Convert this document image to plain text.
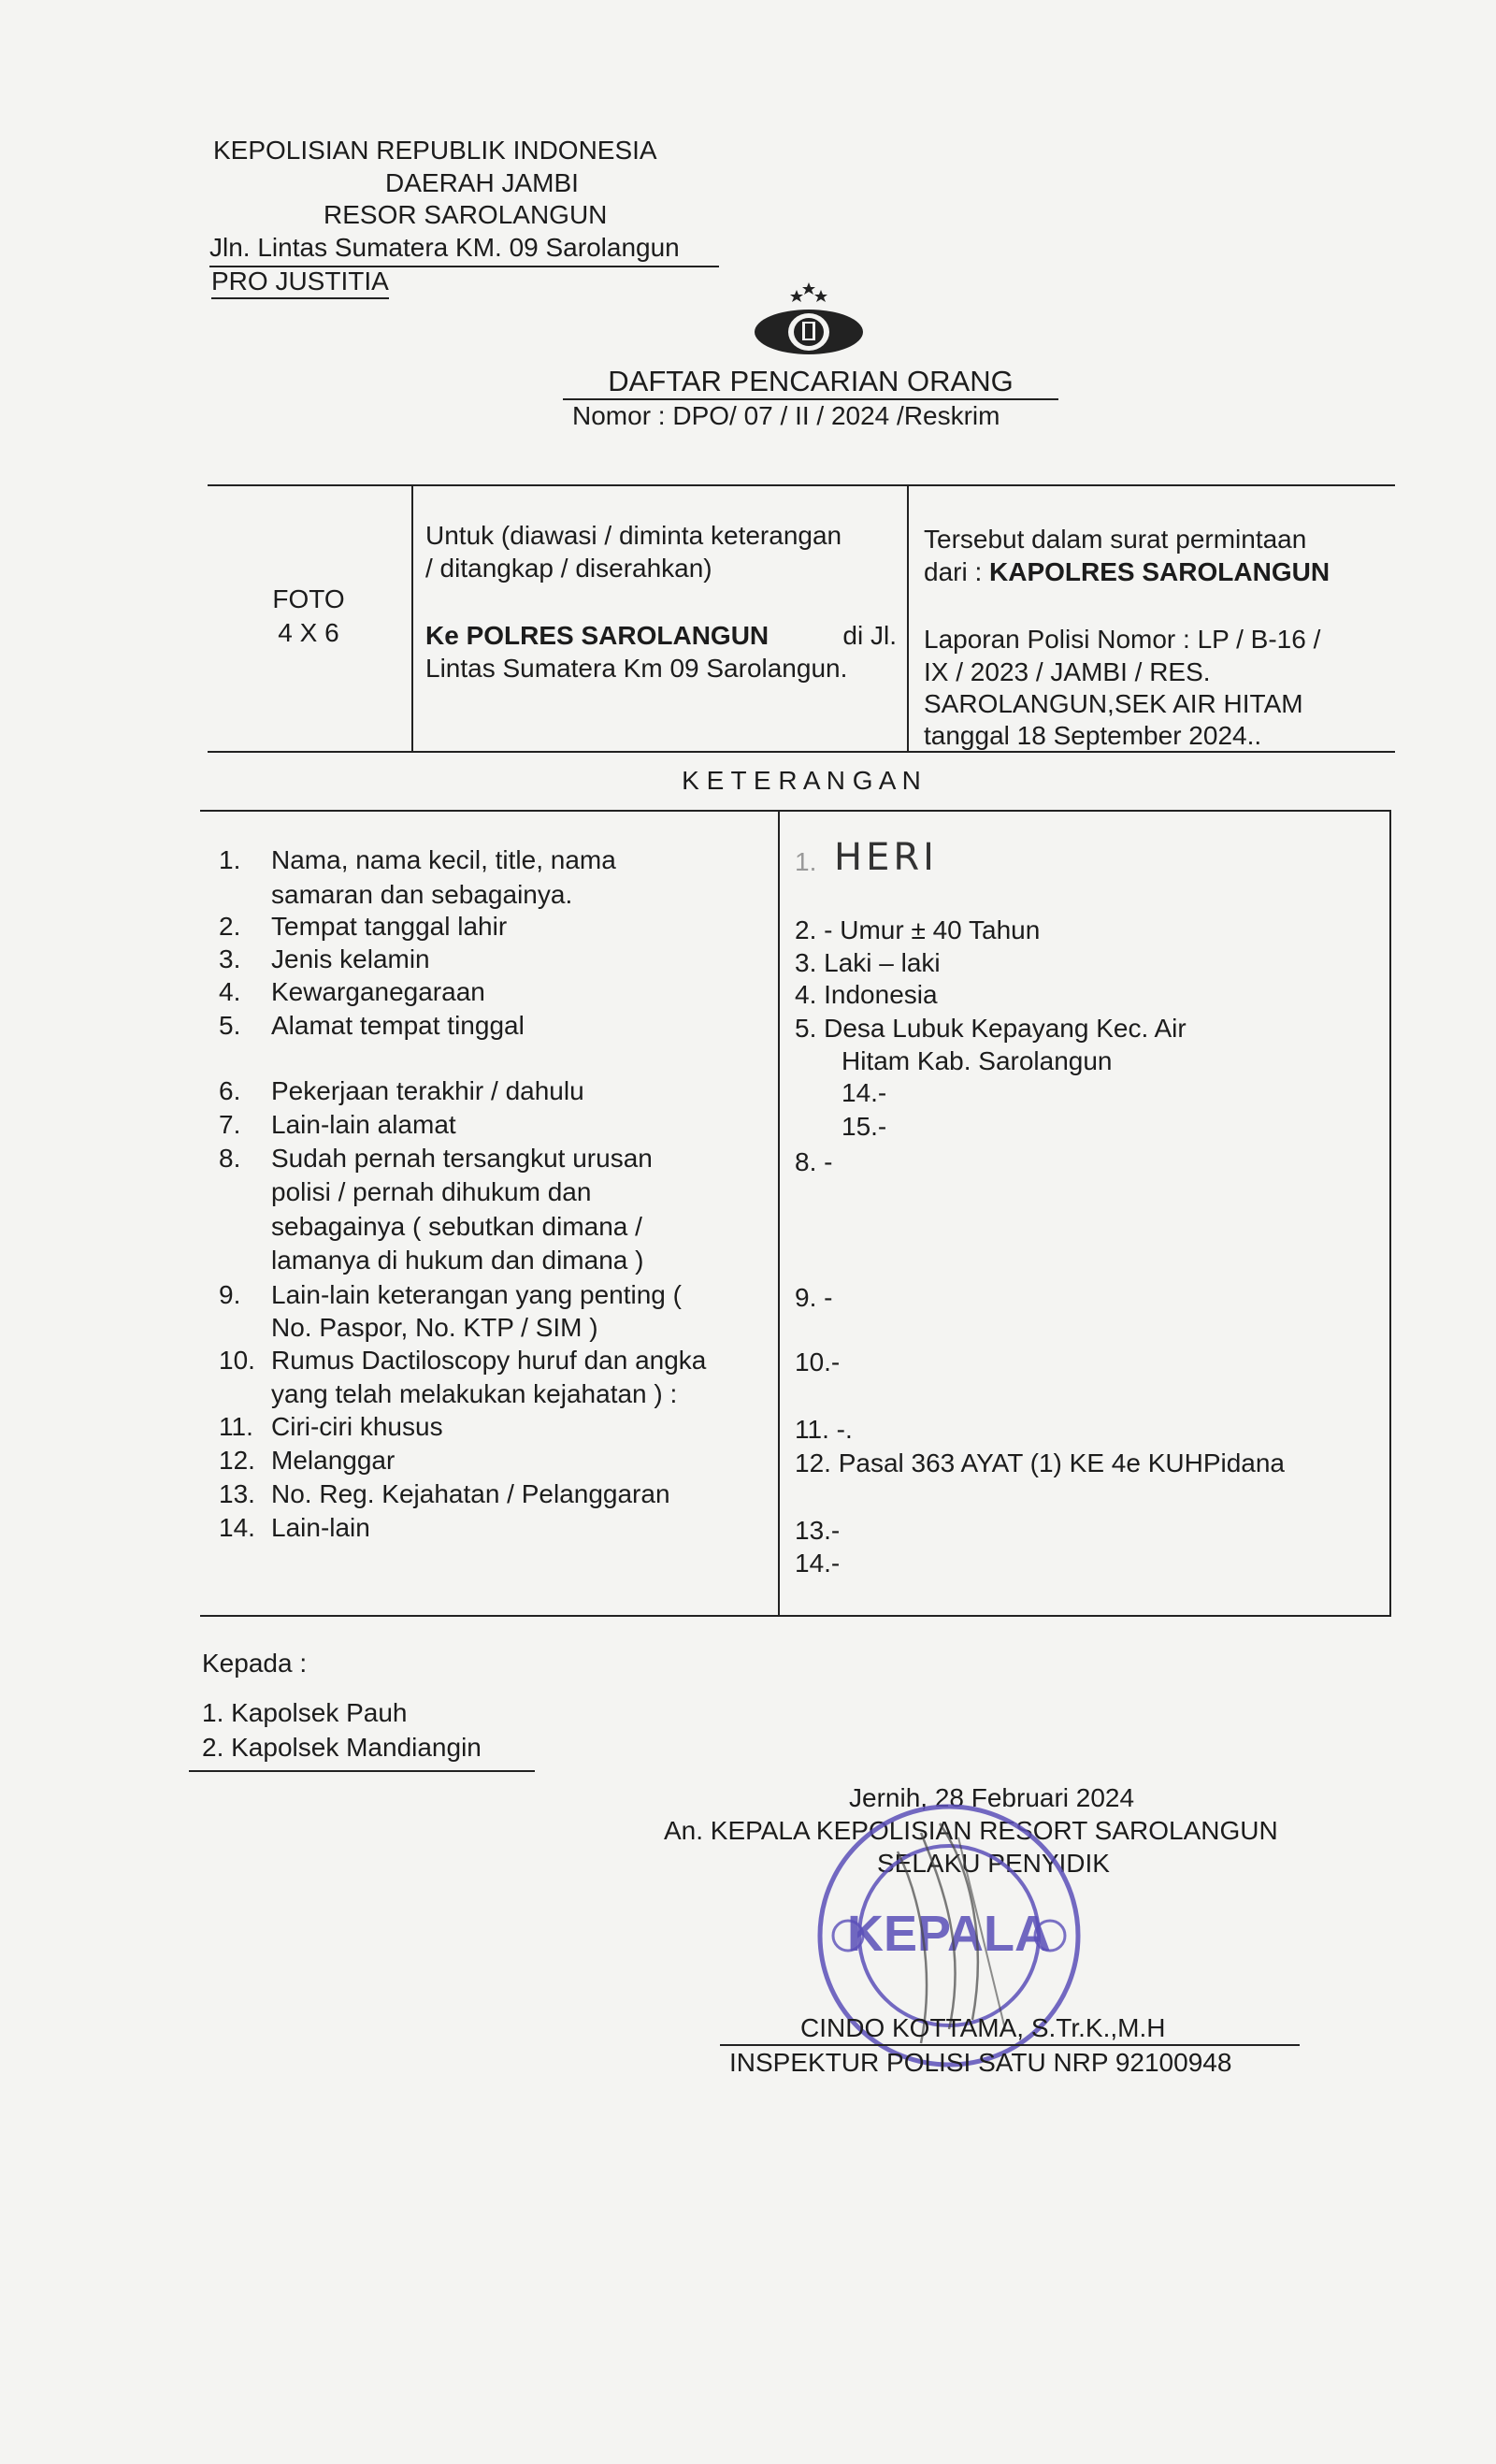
KEPOLISIAN REPUBLIK INDONESIA
DAERAH JAMBI
RESOR SAROLANGUN
Jln. Lintas Sumatera KM. 09 Sarolangun
PRO JUSTITIA
DAFTAR PENCARIAN ORANG
Nomor : DPO/ 07 / II / 2024 /Reskrim
FOTO
4 X 6
Untuk (diawasi / diminta keterangan
/ ditangkap / diserahkan)
Ke POLRES SAROLANGUN	di Jl.
Lintas Sumatera Km 09 Sarolangun.
Tersebut dalam surat permintaan
dari : KAPOLRES SAROLANGUN
Laporan Polisi Nomor : LP / B-16 /
IX / 2023 / JAMBI / RES.
SAROLANGUN,SEK AIR HITAM
tanggal 18 September 2024..
K E T E R A N G A N
1. Nama, nama kecil, title, nama
samaran dan sebagainya.
2. Tempat tanggal lahir
3. Jenis kelamin
4. Kewarganegaraan
5. Alamat tempat tinggal
6. Pekerjaan terakhir / dahulu
7. Lain-lain alamat
8. Sudah pernah tersangkut urusan
polisi / pernah dihukum dan
sebagainya ( sebutkan dimana /
lamanya di hukum dan dimana )
9. Lain-lain keterangan yang penting (
No. Paspor, No. KTP / SIM )
10. Rumus Dactiloscopy huruf dan angka
yang telah melakukan kejahatan ) :
11. Ciri-ciri khusus
12. Melanggar
13. No. Reg. Kejahatan / Pelanggaran
14. Lain-lain
1. HERI
2. - Umur ± 40 Tahun
3. Laki – laki
4. Indonesia
5. Desa Lubuk Kepayang Kec. Air
Hitam Kab. Sarolangun
14.-
15.-
8. -
9. -
10.-
11. -.
12. Pasal 363 AYAT (1) KE 4e KUHPidana
13.-
14.-
Kepada :
1. Kapolsek Pauh
2. Kapolsek Mandiangin
Jernih, 28 Februari 2024
An. KEPALA KEPOLISIAN RESORT SAROLANGUN
SELAKU PENYIDIK
KEPALA
CINDO KOTTAMA, S.Tr.K.,M.H
INSPEKTUR POLISI SATU NRP 92100948
